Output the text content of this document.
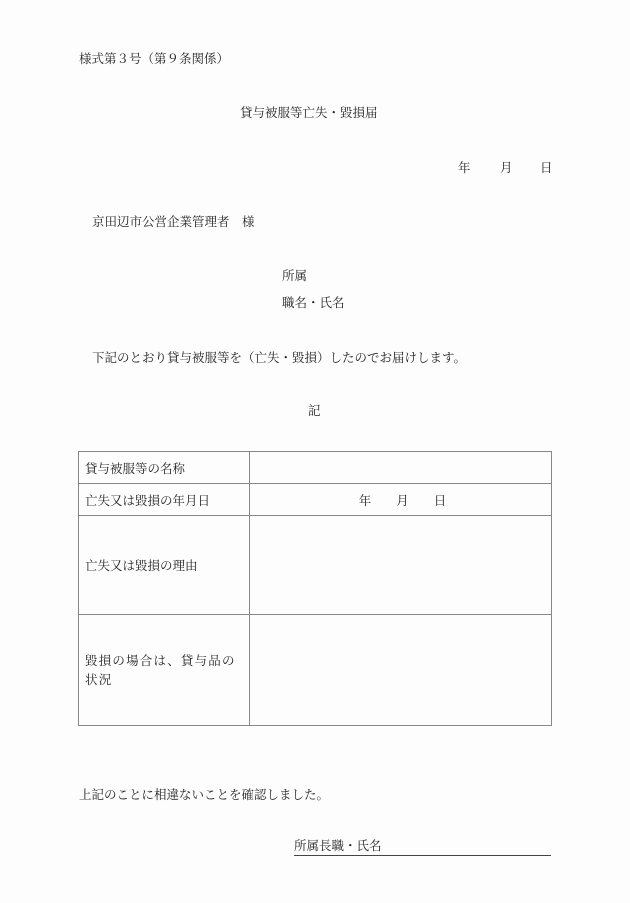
様式第３号（第９条関係）
貸与被服等亡失・毀損届
年 月 日
京田辺市公営企業管理者　様
所属
職名・氏名
下記のとおり貸与被服等を（亡失・毀損）したのでお届けします。
記
貸与被服等の名称	
亡失又は毀損の年月日	年　　月　　日
亡失又は毀損の理由	
毀損の場合は、貸与品の状況	
上記のことに相違ないことを確認しました。
所属長職・氏名
